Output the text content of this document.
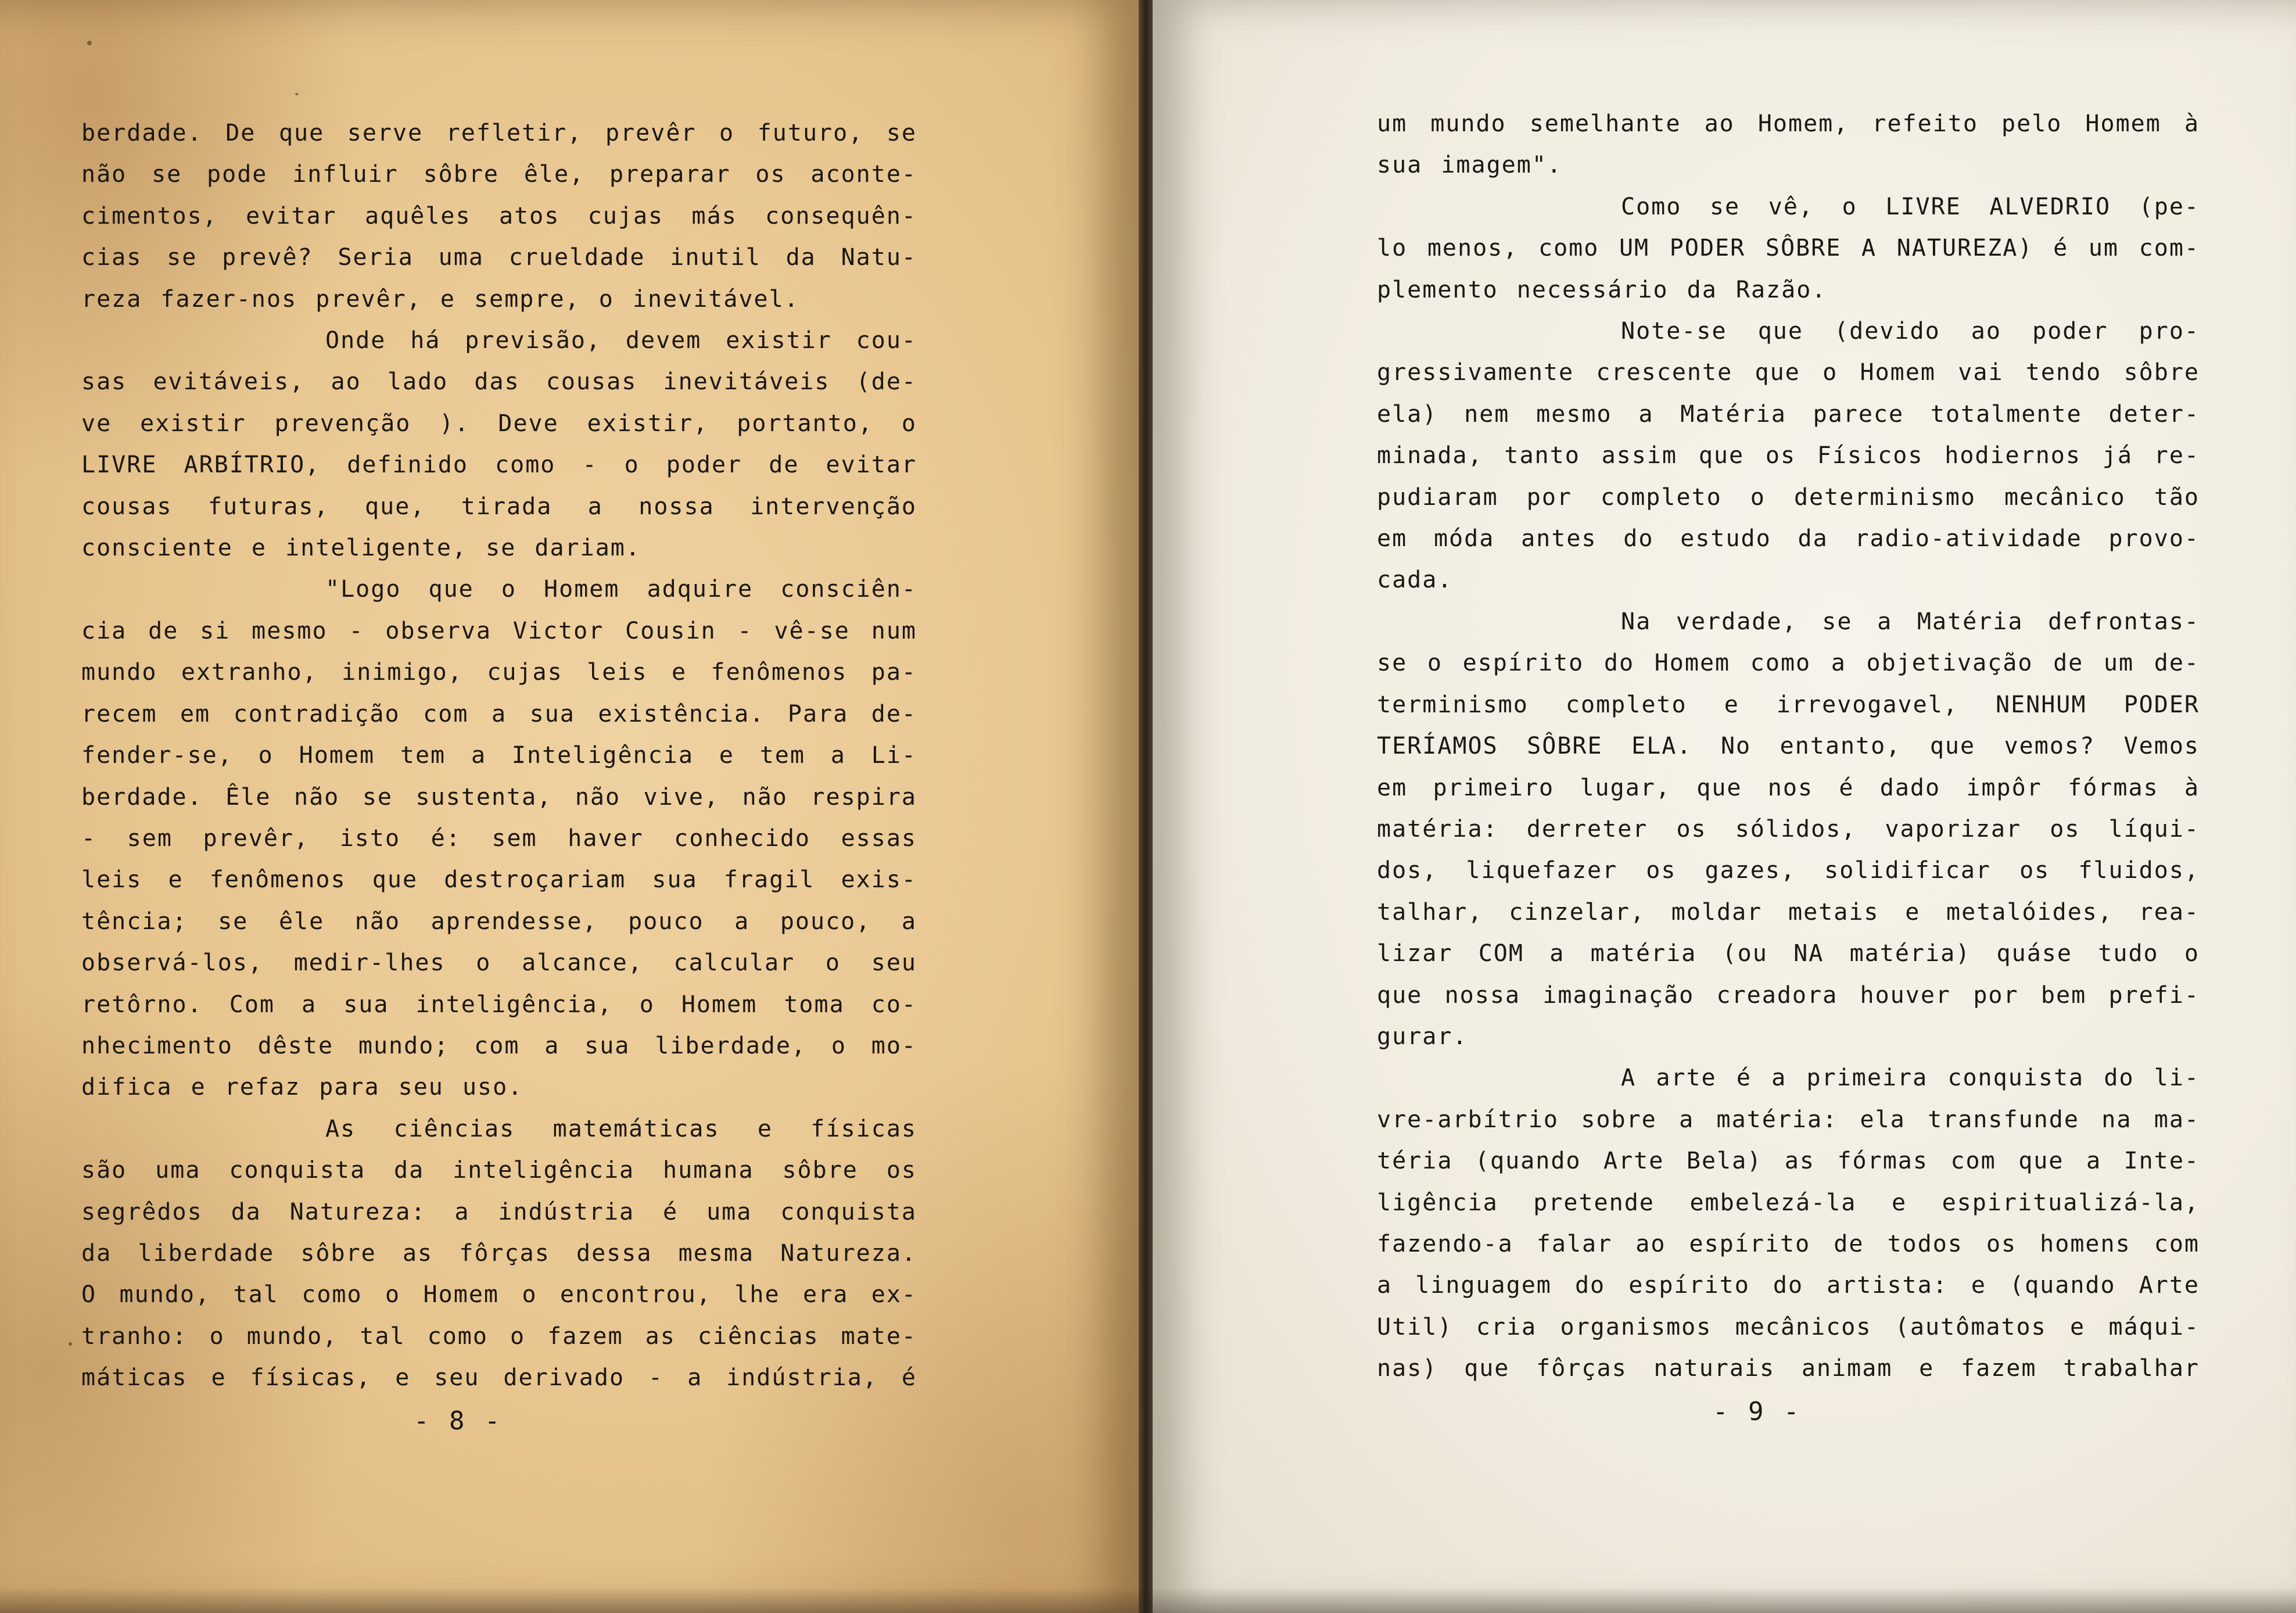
berdade. De que serve refletir, prevêr o futuro, se
não se pode influir sôbre êle, preparar os aconte-
cimentos, evitar aquêles atos cujas más consequên-
cias se prevê? Seria uma crueldade inutil da Natu-
reza fazer-nos prevêr, e sempre, o inevitável.
Onde há previsão, devem existir cou-
sas evitáveis, ao lado das cousas inevitáveis (de-
ve existir prevenção ). Deve existir, portanto, o
LIVRE ARBÍTRIO, definido como - o poder de evitar
cousas futuras, que, tirada a nossa intervenção
consciente e inteligente, se dariam.
"Logo que o Homem adquire consciên-
cia de si mesmo - observa Victor Cousin - vê-se num
mundo extranho, inimigo, cujas leis e fenômenos pa-
recem em contradição com a sua existência. Para de-
fender-se, o Homem tem a Inteligência e tem a Li-
berdade. Êle não se sustenta, não vive, não respira
- sem prevêr, isto é: sem haver conhecido essas
leis e fenômenos que destroçariam sua fragil exis-
tência; se êle não aprendesse, pouco a pouco, a
observá-los, medir-lhes o alcance, calcular o seu
retôrno. Com a sua inteligência, o Homem toma co-
nhecimento dêste mundo; com a sua liberdade, o mo-
difica e refaz para seu uso.
As ciências matemáticas e físicas
são uma conquista da inteligência humana sôbre os
segrêdos da Natureza: a indústria é uma conquista
da liberdade sôbre as fôrças dessa mesma Natureza.
O mundo, tal como o Homem o encontrou, lhe era ex-
tranho: o mundo, tal como o fazem as ciências mate-
máticas e físicas, e seu derivado - a indústria, é
- 8 -
um mundo semelhante ao Homem, refeito pelo Homem à
sua imagem".
Como se vê, o LIVRE ALVEDRIO (pe-
lo menos, como UM PODER SÔBRE A NATUREZA) é um com-
plemento necessário da Razão.
Note-se que (devido ao poder pro-
gressivamente crescente que o Homem vai tendo sôbre
ela) nem mesmo a Matéria parece totalmente deter-
minada, tanto assim que os Físicos hodiernos já re-
pudiaram por completo o determinismo mecânico tão
em móda antes do estudo da radio-atividade provo-
cada.
Na verdade, se a Matéria defrontas-
se o espírito do Homem como a objetivação de um de-
terminismo completo e irrevogavel, NENHUM PODER
TERÍAMOS SÔBRE ELA. No entanto, que vemos? Vemos
em primeiro lugar, que nos é dado impôr fórmas à
matéria: derreter os sólidos, vaporizar os líqui-
dos, liquefazer os gazes, solidificar os fluidos,
talhar, cinzelar, moldar metais e metalóides, rea-
lizar COM a matéria (ou NA matéria) quáse tudo o
que nossa imaginação creadora houver por bem prefi-
gurar.
A arte é a primeira conquista do li-
vre-arbítrio sobre a matéria: ela transfunde na ma-
téria (quando Arte Bela) as fórmas com que a Inte-
ligência pretende embelezá-la e espiritualizá-la,
fazendo-a falar ao espírito de todos os homens com
a linguagem do espírito do artista: e (quando Arte
Util) cria organismos mecânicos (autômatos e máqui-
nas) que fôrças naturais animam e fazem trabalhar
- 9 -
